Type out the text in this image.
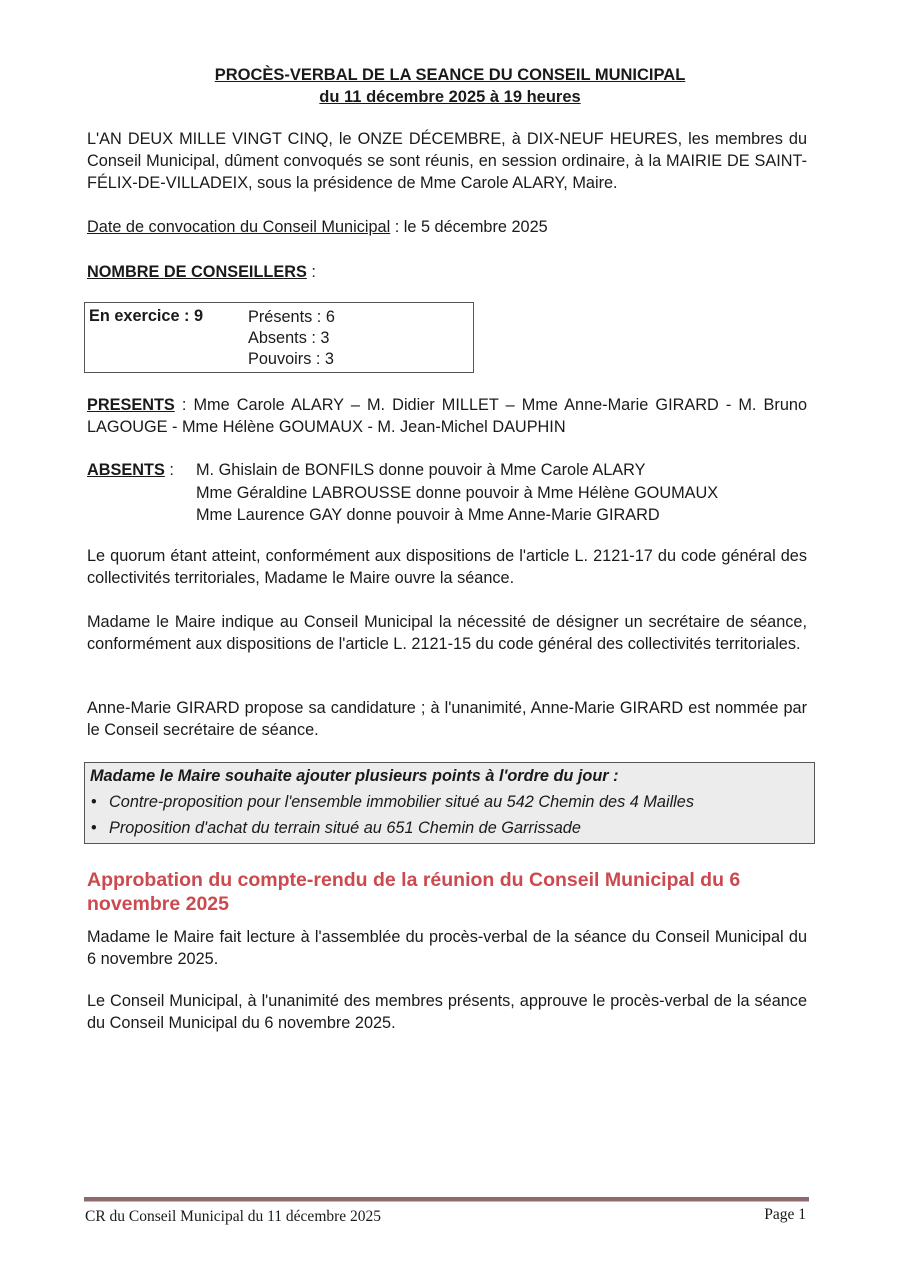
PROCÈS-VERBAL DE LA SEANCE DU CONSEIL MUNICIPAL
du 11 décembre 2025 à 19 heures
L'AN DEUX MILLE VINGT CINQ, le ONZE DÉCEMBRE, à DIX-NEUF HEURES, les membres du Conseil Municipal, dûment convoqués se sont réunis, en session ordinaire, à la MAIRIE DE SAINT-FÉLIX-DE-VILLADEIX, sous la présidence de Mme Carole ALARY, Maire.
Date de convocation du Conseil Municipal : le 5 décembre 2025
NOMBRE DE CONSEILLERS :
En exercice : 9	Présents : 6
Absents : 3
Pouvoirs : 3
PRESENTS : Mme Carole ALARY – M. Didier MILLET – Mme Anne-Marie GIRARD - M. Bruno LAGOUGE - Mme Hélène GOUMAUX - M. Jean-Michel DAUPHIN
ABSENTS :	M. Ghislain de BONFILS donne pouvoir à Mme Carole ALARY
Mme Géraldine LABROUSSE donne pouvoir à Mme Hélène GOUMAUX
Mme Laurence GAY donne pouvoir à Mme Anne-Marie GIRARD
Le quorum étant atteint, conformément aux dispositions de l'article L. 2121-17 du code général des collectivités territoriales, Madame le Maire ouvre la séance.
Madame le Maire indique au Conseil Municipal la nécessité de désigner un secrétaire de séance, conformément aux dispositions de l'article L. 2121-15 du code général des collectivités territoriales.
Anne-Marie GIRARD propose sa candidature ; à l'unanimité, Anne-Marie GIRARD est nommée par le Conseil secrétaire de séance.
Madame le Maire souhaite ajouter plusieurs points à l'ordre du jour :
• Contre-proposition pour l'ensemble immobilier situé au 542 Chemin des 4 Mailles
• Proposition d'achat du terrain situé au 651 Chemin de Garrissade
Approbation du compte-rendu de la réunion du Conseil Municipal du 6 novembre 2025
Madame le Maire fait lecture à l'assemblée du procès-verbal de la séance du Conseil Municipal du 6 novembre 2025.
Le Conseil Municipal, à l'unanimité des membres présents, approuve le procès-verbal de la séance du Conseil Municipal du 6 novembre 2025.
CR du Conseil Municipal du 11 décembre 2025	Page 1
